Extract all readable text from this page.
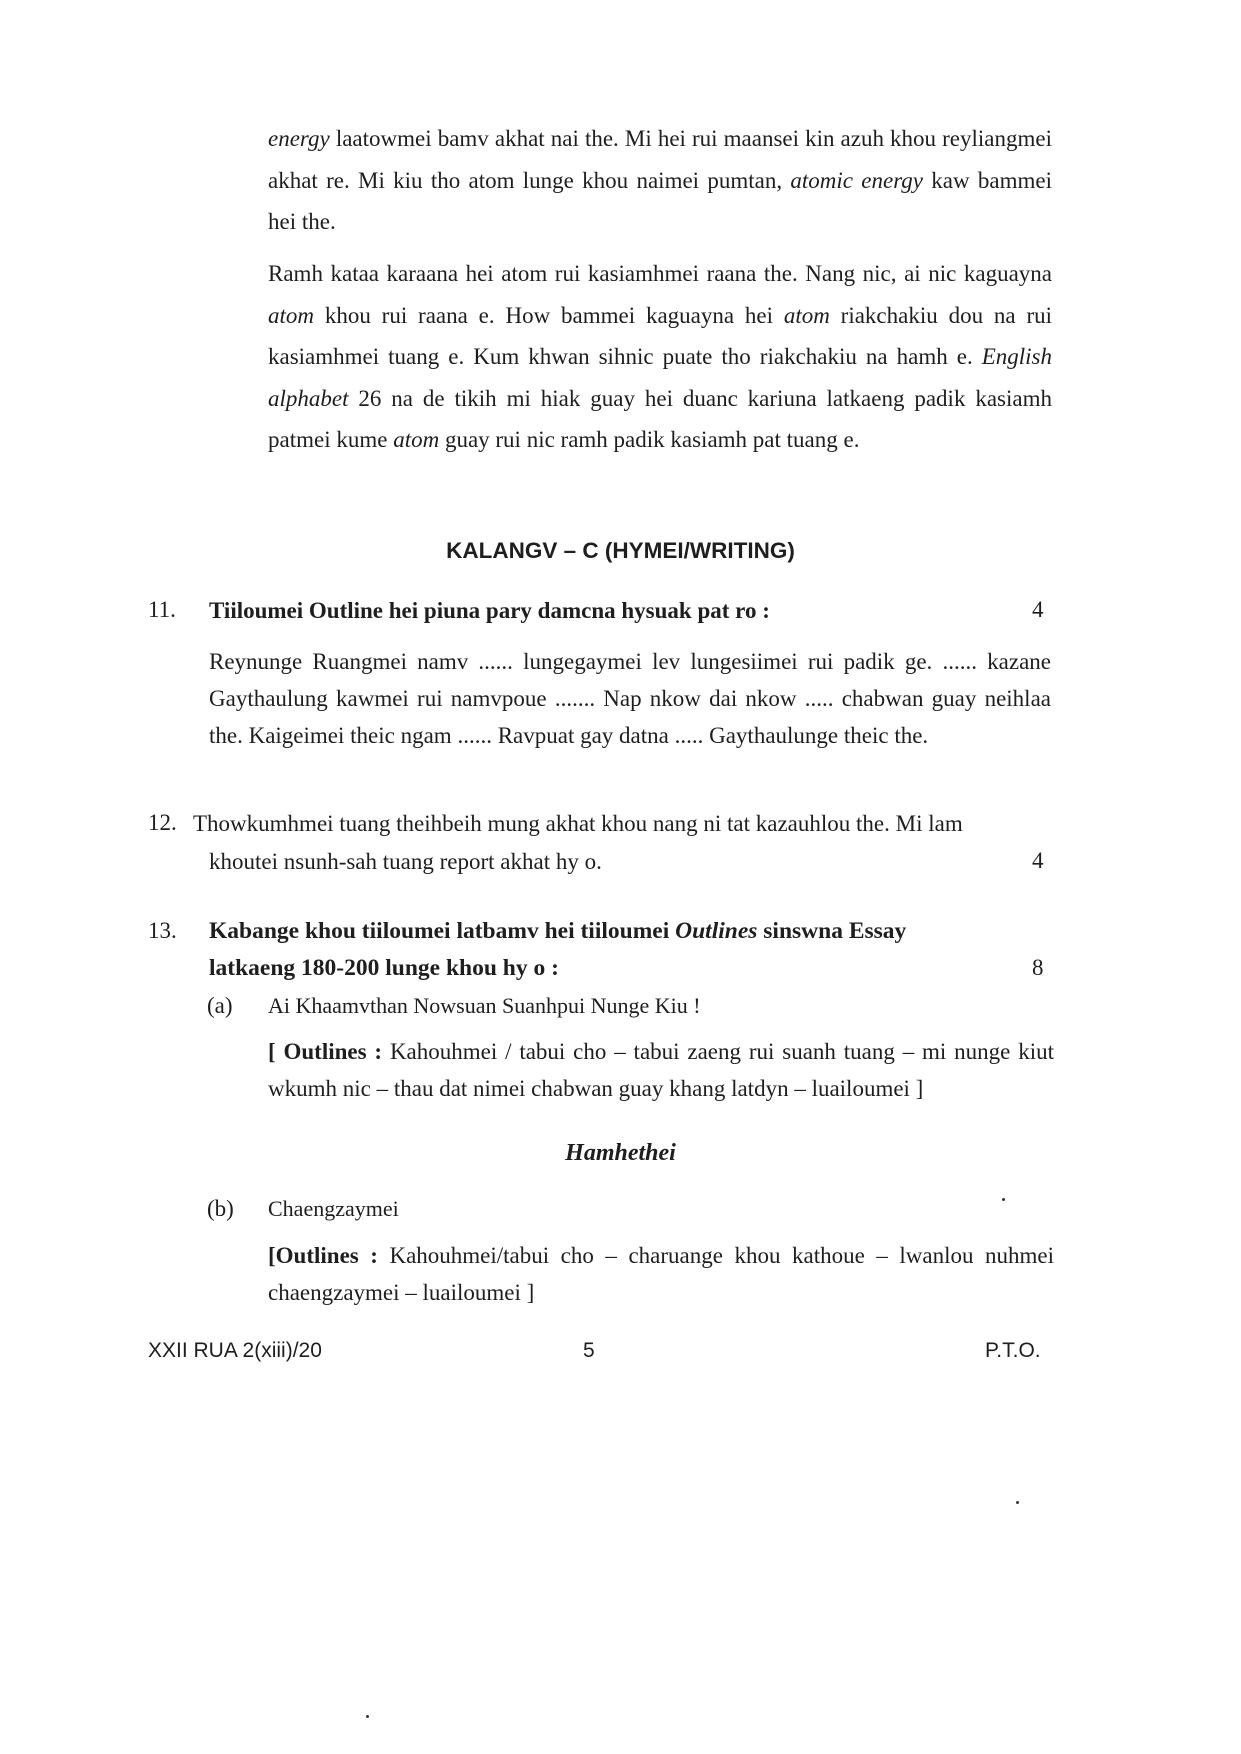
energy laatowmei bamv akhat nai the. Mi hei rui maansei kin azuh khou reyliangmei akhat re. Mi kiu tho atom lunge khou naimei pumtan, atomic energy kaw bammei hei the.

Ramh kataa karaana hei atom rui kasiamhmei raana the. Nang nic, ai nic kaguayna atom khou rui raana e. How bammei kaguayna hei atom riakchakiu dou na rui kasiamhmei tuang e. Kum khwan sihnic puate tho riakchakiu na hamh e. English alphabet 26 na de tikih mi hiak guay hei duanc kariuna latkaeng padik kasiamh patmei kume atom guay rui nic ramh padik kasiamh pat tuang e.

KALANGV – C (HYMEI/WRITING)
11. Tiiloumei Outline hei piuna pary damcna hysuak pat ro :	4

Reynunge Ruangmei namv ...... lungegaymei lev lungesiimei rui padik ge. ...... kazane Gaythaulung kawmei rui namvpoue ....... Nap nkow dai nkow ..... chabwan guay neihlaa the. Kaigeimei theic ngam ...... Ravpuat gay datna ..... Gaythaulunge theic the.

12. Thowkumhmei tuang theihbeih mung akhat khou nang ni tat kazauhlou the. Mi lam
khoutei nsunh-sah tuang report akhat hy o.	4
13. Kabange khou tiiloumei latbamv hei tiiloumei Outlines sinswna Essay
latkaeng 180-200 lunge khou hy o :	8
(a) Ai Khaamvthan Nowsuan Suanhpui Nunge Kiu !

[ Outlines : Kahouhmei / tabui cho – tabui zaeng rui suanh tuang – mi nunge kiut wkumh nic – thau dat nimei chabwan guay khang latdyn – luailoumei ]

Hamhethei
(b) Chaengzaymei

[Outlines : Kahouhmei/tabui cho – charuange khou kathoue – lwanlou nuhmei chaengzaymei – luailoumei ]

XXII RUA 2(xiii)/20	5	P.T.O.
